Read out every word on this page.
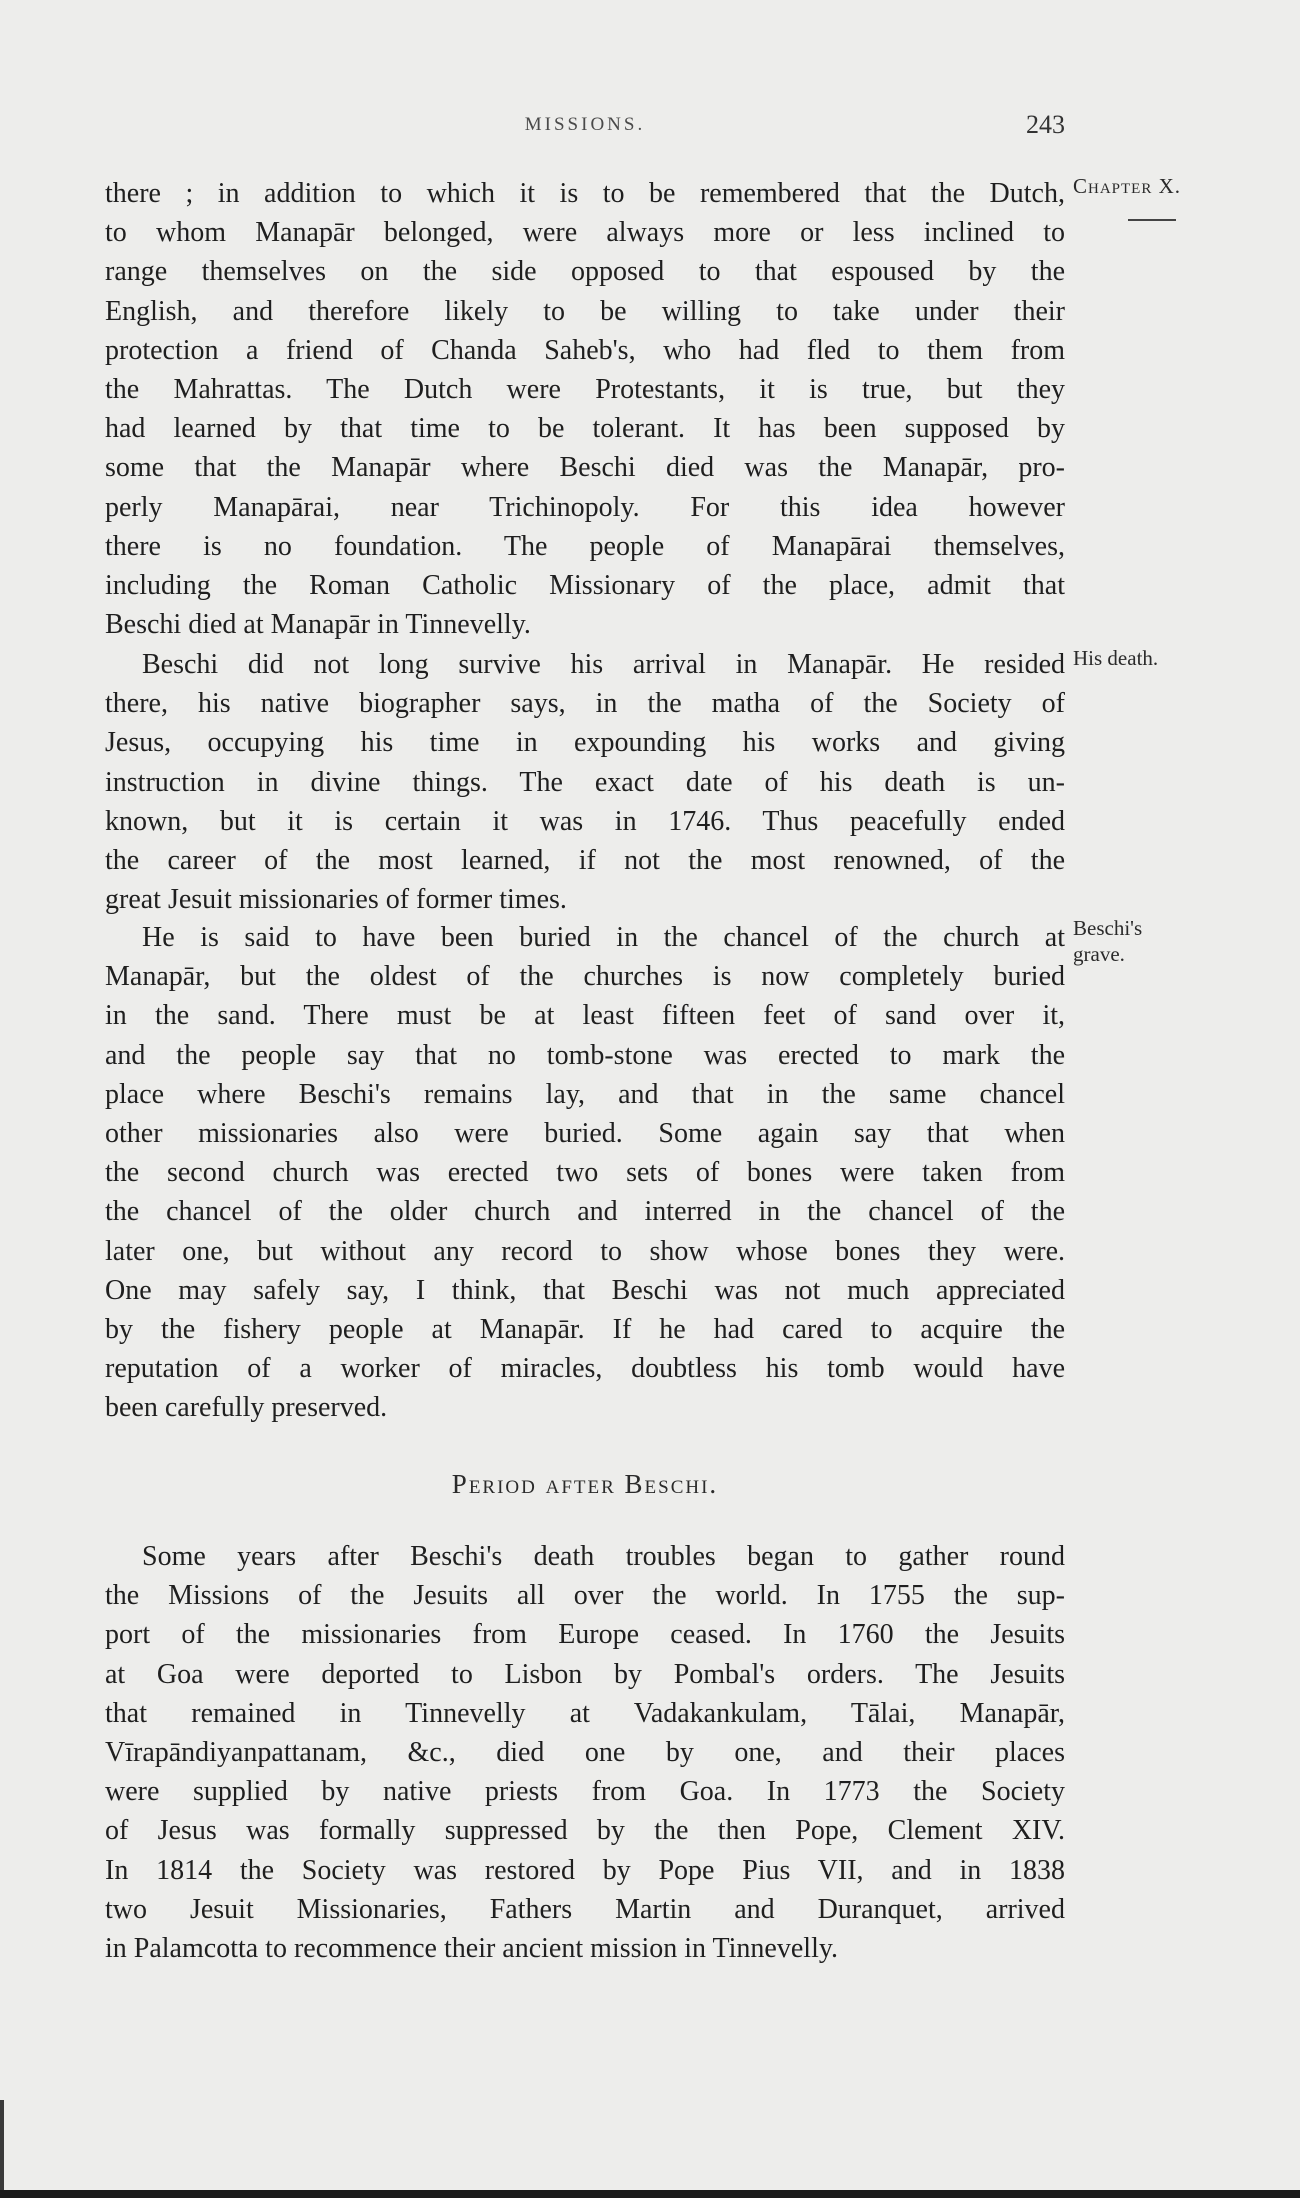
MISSIONS.	243
Chapter X.
His death.
Beschi's
grave.

there ; in addition to which it is to be remembered that the Dutch,

to whom Manapār belonged, were always more or less inclined to

range themselves on the side opposed to that espoused by the

English, and therefore likely to be willing to take under their

protection a friend of Chanda Saheb's, who had fled to them from

the Mahrattas. The Dutch were Protestants, it is true, but they

had learned by that time to be tolerant. It has been supposed by

some that the Manapār where Beschi died was the Manapār, pro-

perly Manapārai, near Trichinopoly. For this idea however

there is no foundation. The people of Manapārai themselves,

including the Roman Catholic Missionary of the place, admit that

Beschi died at Manapār in Tinnevelly.

Beschi did not long survive his arrival in Manapār. He resided

there, his native biographer says, in the matha of the Society of

Jesus, occupying his time in expounding his works and giving

instruction in divine things. The exact date of his death is un-

known, but it is certain it was in 1746. Thus peacefully ended

the career of the most learned, if not the most renowned, of the

great Jesuit missionaries of former times.

He is said to have been buried in the chancel of the church at

Manapār, but the oldest of the churches is now completely buried

in the sand. There must be at least fifteen feet of sand over it,

and the people say that no tomb-stone was erected to mark the

place where Beschi's remains lay, and that in the same chancel

other missionaries also were buried. Some again say that when

the second church was erected two sets of bones were taken from

the chancel of the older church and interred in the chancel of the

later one, but without any record to show whose bones they were.

One may safely say, I think, that Beschi was not much appreciated

by the fishery people at Manapār. If he had cared to acquire the

reputation of a worker of miracles, doubtless his tomb would have

been carefully preserved.

Period after Beschi.

Some years after Beschi's death troubles began to gather round

the Missions of the Jesuits all over the world. In 1755 the sup-

port of the missionaries from Europe ceased. In 1760 the Jesuits

at Goa were deported to Lisbon by Pombal's orders. The Jesuits

that remained in Tinnevelly at Vadakankulam, Tālai, Manapār,

Vīrapāndiyanpattanam, &c., died one by one, and their places

were supplied by native priests from Goa. In 1773 the Society

of Jesus was formally suppressed by the then Pope, Clement XIV.

In 1814 the Society was restored by Pope Pius VII, and in 1838

two Jesuit Missionaries, Fathers Martin and Duranquet, arrived

in Palamcotta to recommence their ancient mission in Tinnevelly.
